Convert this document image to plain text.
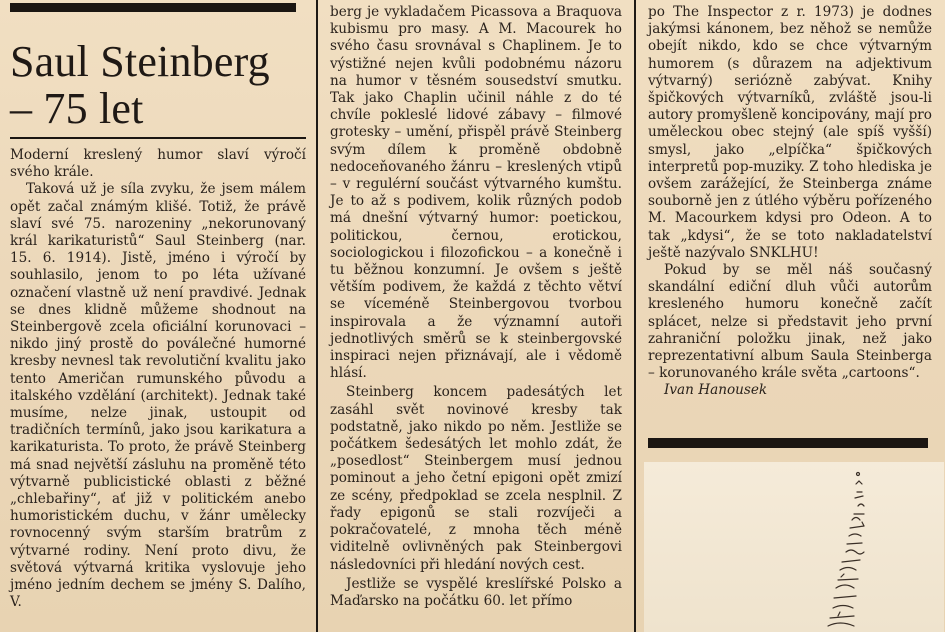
Saul Steinberg
– 75 let

Moderní kreslený humor slaví výročí svého krále.

Taková už je síla zvyku, že jsem málem opět začal známým klišé. Totiž, že právě slaví své 75. narozeniny „nekorunovaný král karikaturistů“ Saul Steinberg (nar. 15. 6. 1914). Jistě, jméno i výročí by souhlasilo, jenom to po léta užívané označení vlastně už není pravdivé. Jednak se dnes klidně můžeme shodnout na Steinbergově zcela oficiální korunovaci – nikdo jiný prostě do poválečné humorné kresby nevnesl tak revolutiční kvalitu jako tento Američan rumunského původu a italského vzdělání (architekt). Jednak také musíme, nelze jinak, ustoupit od tradičních termínů, jako jsou karikatura a karikaturista. To proto, že právě Steinberg má snad největší zásluhu na proměně této výtvarně publicistické oblasti z běžné „chlebařiny“, ať již v politickém anebo humoristickém duchu, v žánr umělecky rovnocenný svým starším bratrům z výtvarné rodiny. Není proto divu, že světová výtvarná kritika vyslovuje jeho jméno jedním dechem se jmény S. Dalího, V.

berg je vykladačem Picassova a Braquova kubismu pro masy. A M. Macourek ho svého času srovnával s Chaplinem. Je to výstižné nejen kvůli podobnému názoru na humor v těsném sousedství smutku. Tak jako Chaplin učinil náhle z do té chvíle pokleslé lidové zábavy – filmové grotesky – umění, přispěl právě Steinberg svým dílem k proměně obdobně nedoceňovaného žánru – kreslených vtipů – v regulérní součást výtvarného kumštu. Je to až s podivem, kolik různých podob má dnešní výtvarný humor: poetickou, politickou, černou, erotickou, sociologickou i filozofickou – a konečně i tu běžnou konzumní. Je ovšem s ještě větším podivem, že každá z těchto větví se víceméně Steinbergovou tvorbou inspirovala a že významní autoři jednotlivých směrů se k steinbergovské inspiraci nejen přiznávají, ale i vědomě hlásí.

Steinberg koncem padesátých let zasáhl svět novinové kresby tak podstatně, jako nikdo po něm. Jestliže se počátkem šedesátých let mohlo zdát, že „posedlost“ Steinbergem musí jednou pominout a jeho četní epigoni opět zmizí ze scény, předpoklad se zcela nesplnil. Z řady epigonů se stali rozvíječi a pokračovatelé, z mnoha těch méně viditelně ovlivněných pak Steinbergovi následovníci při hledání nových cest.

Jestliže se vyspělé kreslířské Polsko a Maďarsko na počátku 60. let přímo

po The Inspector z r. 1973) je dodnes jakýmsi kánonem, bez něhož se nemůže obejít nikdo, kdo se chce výtvarným humorem (s důrazem na adjektivum výtvarný) seriózně zabývat. Knihy špičkových výtvarníků, zvláště jsou-li autory promyšleně koncipovány, mají pro uměleckou obec stejný (ale spíš vyšší) smysl, jako „elpíčka“ špičkových interpretů pop-muziky. Z toho hlediska je ovšem zarážející, že Steinberga známe souborně jen z útlého výběru pořízeného M. Macourkem kdysi pro Odeon. A to tak „kdysi“, že se toto nakladatelství ještě nazývalo SNKLHU!

Pokud by se měl náš současný skandální ediční dluh vůči autorům kresleného humoru konečně začít splácet, nelze si představit jeho první zahraniční položku jinak, než jako reprezentativní album Saula Steinberga – korunovaného krále světa „cartoons“.

Ivan Hanousek
